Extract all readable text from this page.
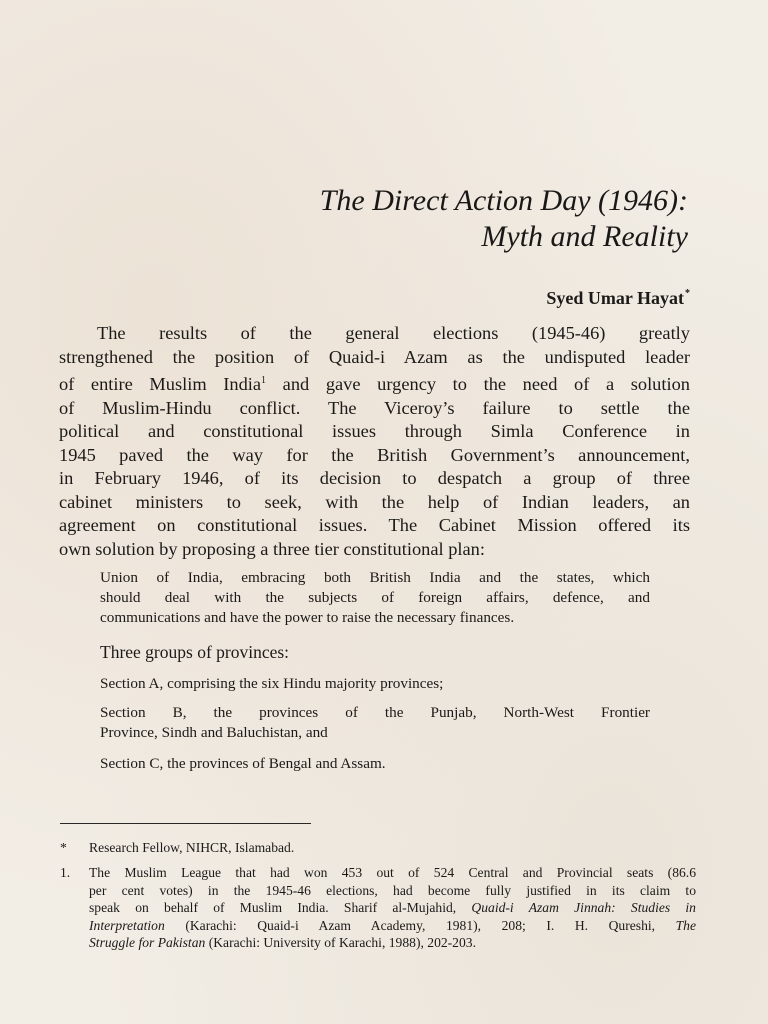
The Direct Action Day (1946):
Myth and Reality
Syed Umar Hayat*
The results of the general elections (1945-46) greatly
strengthened the position of Quaid-i Azam as the undisputed leader
of entire Muslim India$^1$ and gave urgency to the need of a solution
of Muslim-Hindu conflict. The Viceroy’s failure to settle the
political and constitutional issues through Simla Conference in
1945 paved the way for the British Government’s announcement,
in February 1946, of its decision to despatch a group of three
cabinet ministers to seek, with the help of Indian leaders, an
agreement on constitutional issues. The Cabinet Mission offered its
own solution by proposing a three tier constitutional plan:
Union of India, embracing both British India and the states, which
should deal with the subjects of foreign affairs, defence, and
communications and have the power to raise the necessary finances.
Three groups of provinces:
Section A, comprising the six Hindu majority provinces;
Section B, the provinces of the Punjab, North-West Frontier
Province, Sindh and Baluchistan, and
Section C, the provinces of Bengal and Assam.
* Research Fellow, NIHCR, Islamabad.
1. The Muslim League that had won 453 out of 524 Central and Provincial seats (86.6
per cent votes) in the 1945-46 elections, had become fully justified in its claim to
speak on behalf of Muslim India. Sharif al-Mujahid, Quaid-i Azam Jinnah: Studies in
Interpretation (Karachi: Quaid-i Azam Academy, 1981), 208; I. H. Qureshi, The
Struggle for Pakistan (Karachi: University of Karachi, 1988), 202-203.
